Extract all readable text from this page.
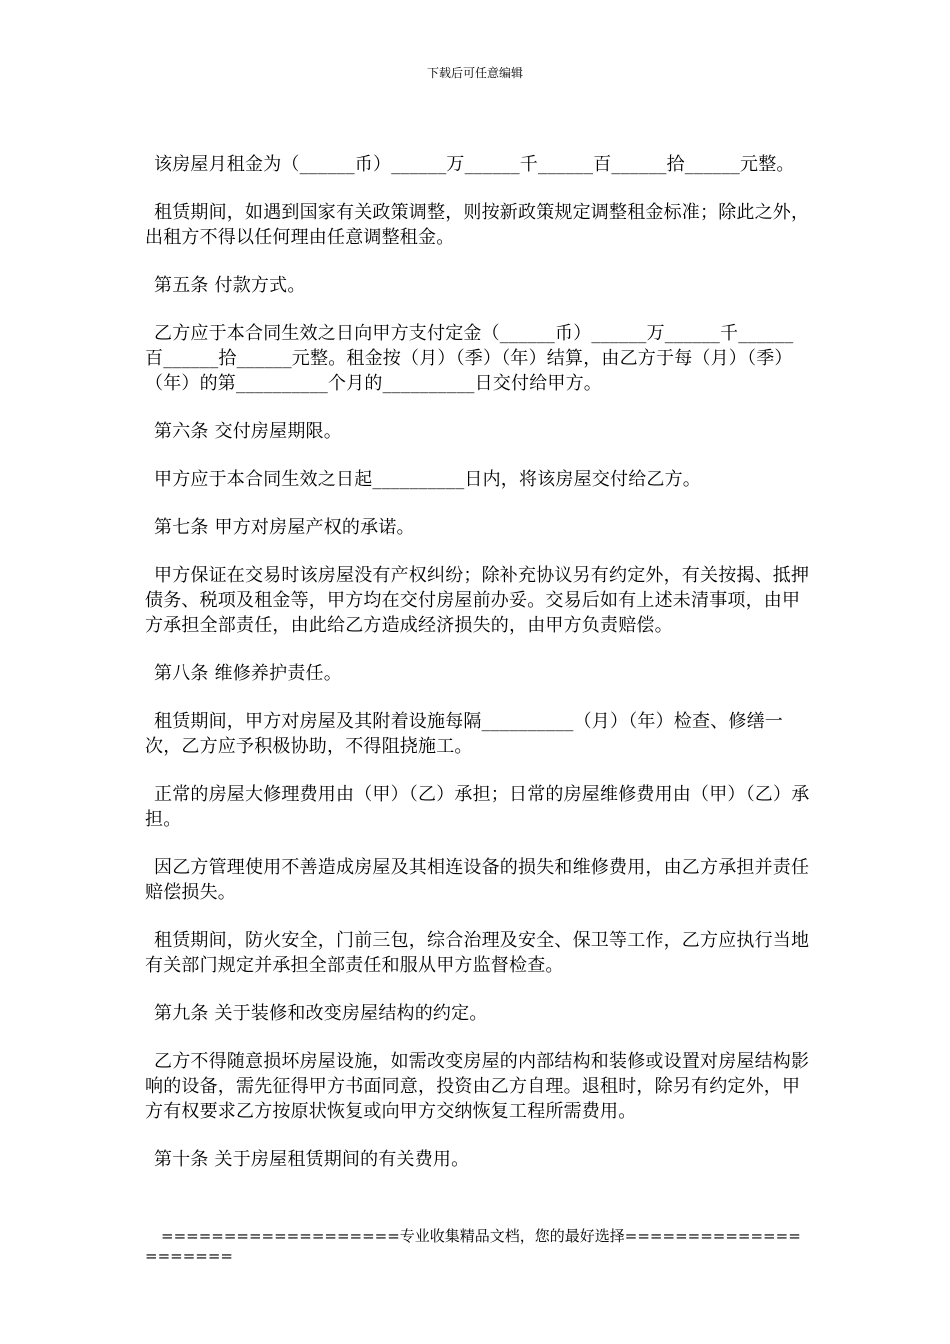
下载后可任意编辑

该房屋月租金为（______币）______万______千______百______拾______元整。

租赁期间，如遇到国家有关政策调整，则按新政策规定调整租金标准；除此之外，出租方不得以任何理由任意调整租金。

第五条 付款方式。

乙方应于本合同生效之日向甲方支付定金（______币）______万______千______百______拾______元整。租金按（月）（季）（年）结算，由乙方于每（月）（季）（年）的第__________个月的__________日交付给甲方。

第六条 交付房屋期限。

甲方应于本合同生效之日起__________日内，将该房屋交付给乙方。

第七条 甲方对房屋产权的承诺。

甲方保证在交易时该房屋没有产权纠纷；除补充协议另有约定外，有关按揭、抵押债务、税项及租金等，甲方均在交付房屋前办妥。交易后如有上述未清事项，由甲方承担全部责任，由此给乙方造成经济损失的，由甲方负责赔偿。

第八条 维修养护责任。

租赁期间，甲方对房屋及其附着设施每隔__________（月）（年）检查、修缮一次，乙方应予积极协助，不得阻挠施工。

正常的房屋大修理费用由（甲）（乙）承担；日常的房屋维修费用由（甲）（乙）承担。

因乙方管理使用不善造成房屋及其相连设备的损失和维修费用，由乙方承担并责任赔偿损失。

租赁期间，防火安全，门前三包，综合治理及安全、保卫等工作，乙方应执行当地有关部门规定并承担全部责任和服从甲方监督检查。

第九条 关于装修和改变房屋结构的约定。

乙方不得随意损坏房屋设施，如需改变房屋的内部结构和装修或设置对房屋结构影响的设备，需先征得甲方书面同意，投资由乙方自理。退租时，除另有约定外，甲方有权要求乙方按原状恢复或向甲方交纳恢复工程所需费用。

第十条 关于房屋租赁期间的有关费用。

===================专业收集精品文档，您的最好选择=====================
